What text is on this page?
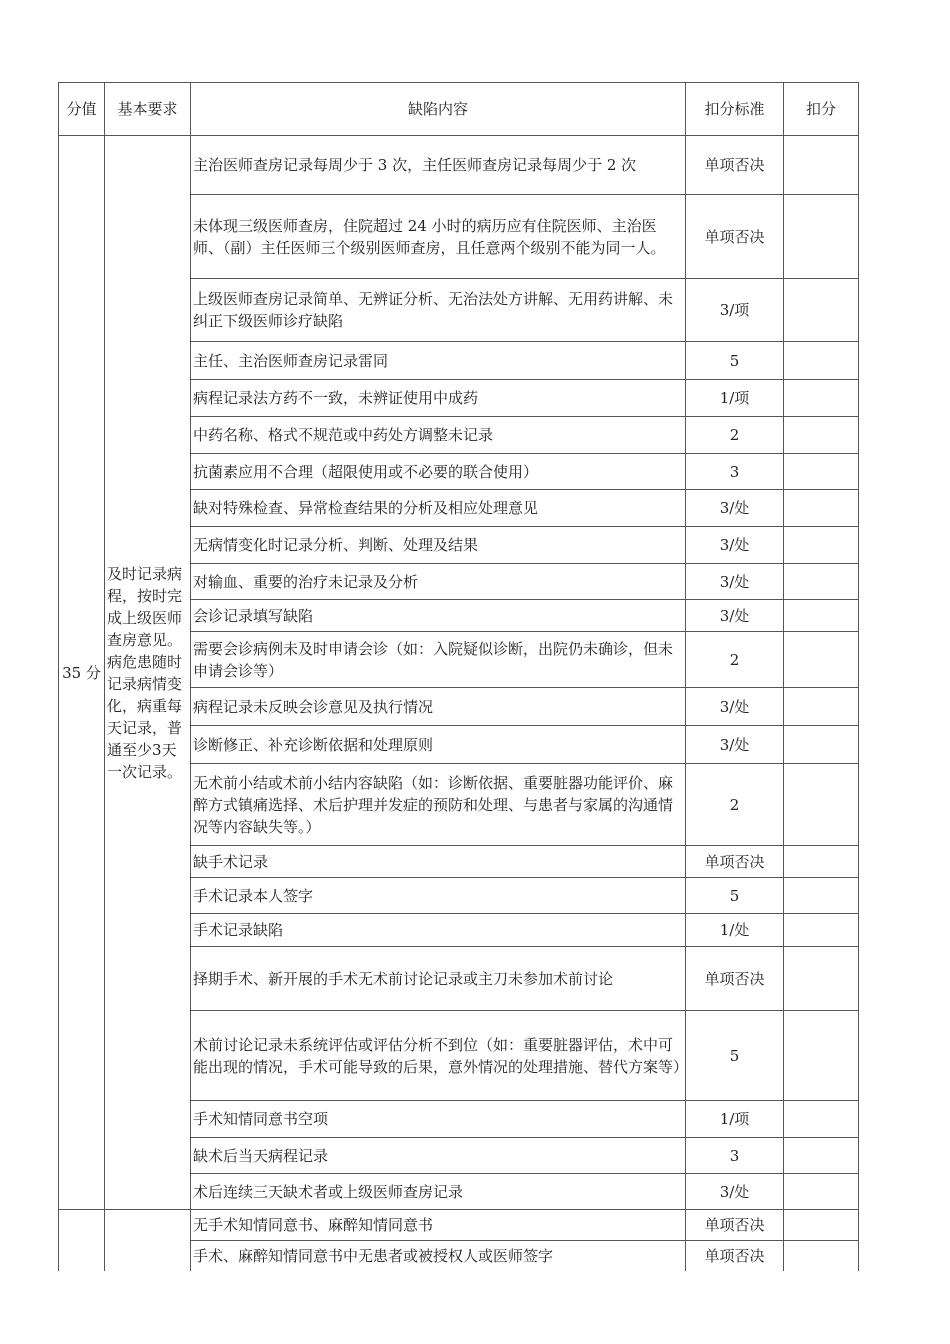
分值	基本要求	缺陷内容	扣分标准	扣分
35 分	及时记录病程，按时完成上级医师查房意见。病危患随时记录病情变化，病重每天记录，普通至少3天一次记录。	主治医师查房记录每周少于 3 次，主任医师查房记录每周少于 2 次	单项否决	
		未体现三级医师查房，住院超过 24 小时的病历应有住院医师、主治医师、（副）主任医师三个级别医师查房，且任意两个级别不能为同一人。	单项否决	
		上级医师查房记录简单、无辨证分析、无治法处方讲解、无用药讲解、未纠正下级医师诊疗缺陷	3/项	
		主任、主治医师查房记录雷同	5	
		病程记录法方药不一致，未辨证使用中成药	1/项	
		中药名称、格式不规范或中药处方调整未记录	2	
		抗菌素应用不合理（超限使用或不必要的联合使用）	3	
		缺对特殊检查、异常检查结果的分析及相应处理意见	3/处	
		无病情变化时记录分析、判断、处理及结果	3/处	
		对输血、重要的治疗未记录及分析	3/处	
		会诊记录填写缺陷	3/处	
		需要会诊病例未及时申请会诊（如：入院疑似诊断，出院仍未确诊，但未申请会诊等）	2	
		病程记录未反映会诊意见及执行情况	3/处	
		诊断修正、补充诊断依据和处理原则	3/处	
		无术前小结或术前小结内容缺陷（如：诊断依据、重要脏器功能评价、麻醉方式镇痛选择、术后护理并发症的预防和处理、与患者与家属的沟通情况等内容缺失等。）	2	
		缺手术记录	单项否决	
		手术记录本人签字	5	
		手术记录缺陷	1/处	
		择期手术、新开展的手术无术前讨论记录或主刀未参加术前讨论	单项否决	
		术前讨论记录未系统评估或评估分析不到位（如：重要脏器评估，术中可能出现的情况，手术可能导致的后果，意外情况的处理措施、替代方案等）	5	
		手术知情同意书空项	1/项	
		缺术后当天病程记录	3	
		术后连续三天缺术者或上级医师查房记录	3/处	
		无手术知情同意书、麻醉知情同意书	单项否决	
		手术、麻醉知情同意书中无患者或被授权人或医师签字	单项否决	
